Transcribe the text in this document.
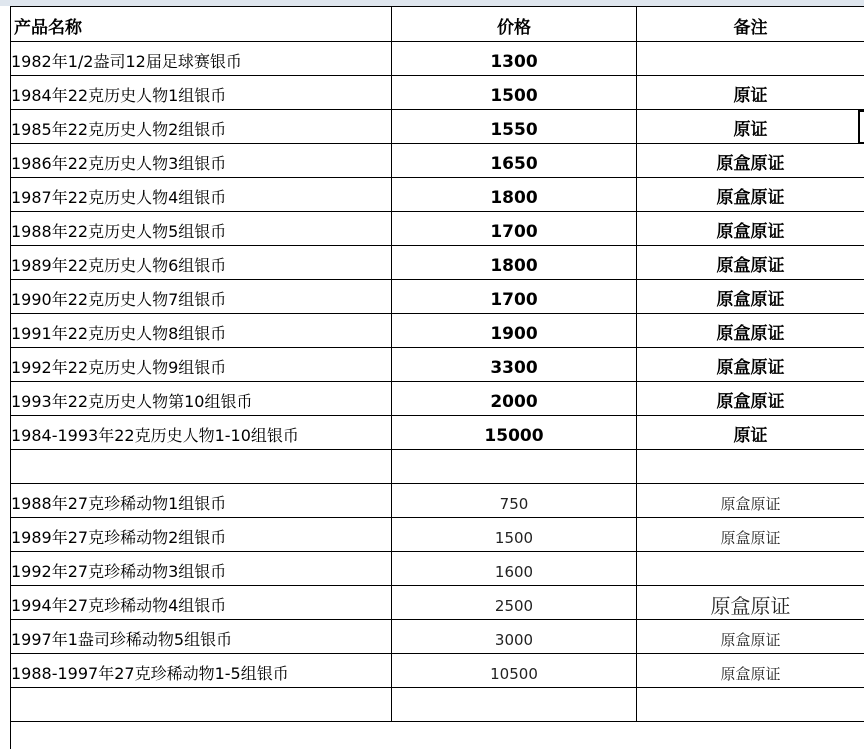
产品名称	价格	备注
1982年1/2盎司12届足球赛银币	1300	
1984年22克历史人物1组银币	1500	原证
1985年22克历史人物2组银币	1550	原证
1986年22克历史人物3组银币	1650	原盒原证
1987年22克历史人物4组银币	1800	原盒原证
1988年22克历史人物5组银币	1700	原盒原证
1989年22克历史人物6组银币	1800	原盒原证
1990年22克历史人物7组银币	1700	原盒原证
1991年22克历史人物8组银币	1900	原盒原证
1992年22克历史人物9组银币	3300	原盒原证
1993年22克历史人物第10组银币	2000	原盒原证
1984-1993年22克历史人物1-10组银币	15000	原证

1988年27克珍稀动物1组银币	750	原盒原证
1989年27克珍稀动物2组银币	1500	原盒原证
1992年27克珍稀动物3组银币	1600	
1994年27克珍稀动物4组银币	2500	原盒原证
1997年1盎司珍稀动物5组银币	3000	原盒原证
1988-1997年27克珍稀动物1-5组银币	10500	原盒原证
